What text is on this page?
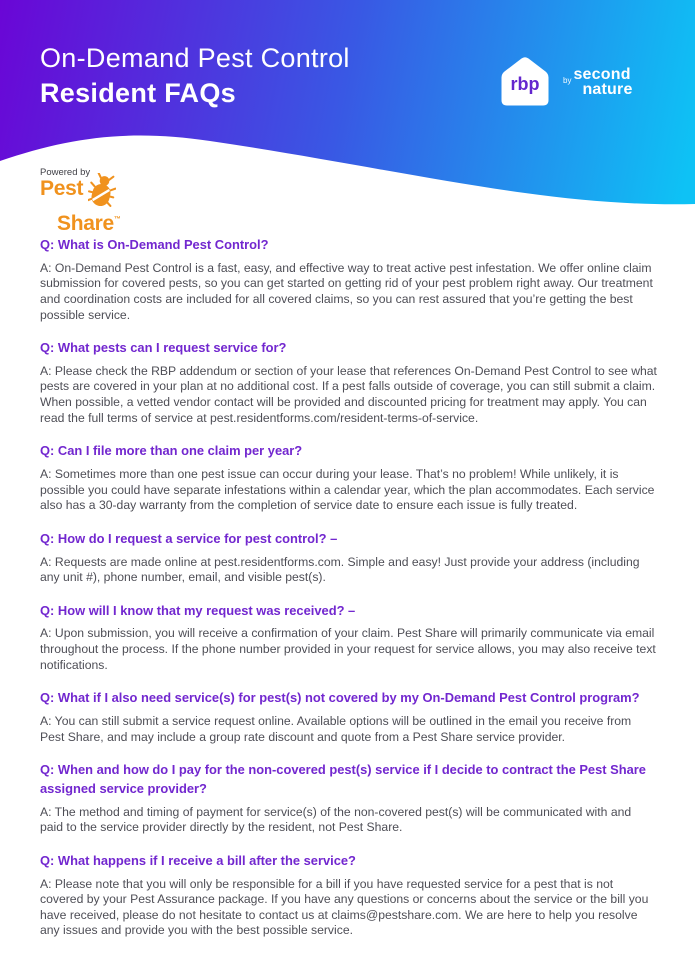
On-Demand Pest Control
Resident FAQs	rbp	by second
nature
Powered by
Pest
Share ™
Q: What is On-Demand Pest Control?
A: On-Demand Pest Control is a fast, easy, and effective way to treat active pest infestation. We offer online claim submission for covered pests, so you can get started on getting rid of your pest problem right away. Our treatment and coordination costs are included for all covered claims, so you can rest assured that you’re getting the best possible service.
Q: What pests can I request service for?
A: Please check the RBP addendum or section of your lease that references On-Demand Pest Control to see what pests are covered in your plan at no additional cost. If a pest falls outside of coverage, you can still submit a claim. When possible, a vetted vendor contact will be provided and discounted pricing for treatment may apply. You can read the full terms of service at pest.residentforms.com/resident-terms-of-service.
Q: Can I file more than one claim per year?
A: Sometimes more than one pest issue can occur during your lease. That’s no problem! While unlikely, it is possible you could have separate infestations within a calendar year, which the plan accommodates. Each service also has a 30-day warranty from the completion of service date to ensure each issue is fully treated.
Q: How do I request a service for pest control? –
A: Requests are made online at pest.residentforms.com. Simple and easy! Just provide your address (including any unit #), phone number, email, and visible pest(s).
Q: How will I know that my request was received? –
A: Upon submission, you will receive a confirmation of your claim. Pest Share will primarily communicate via email throughout the process. If the phone number provided in your request for service allows, you may also receive text notifications.
Q: What if I also need service(s) for pest(s) not covered by my On-Demand Pest Control program?
A: You can still submit a service request online. Available options will be outlined in the email you receive from Pest Share, and may include a group rate discount and quote from a Pest Share service provider.
Q: When and how do I pay for the non-covered pest(s) service if I decide to contract the Pest Share assigned service provider?
A: The method and timing of payment for service(s) of the non-covered pest(s) will be communicated with and paid to the service provider directly by the resident, not Pest Share.
Q: What happens if I receive a bill after the service?
A: Please note that you will only be responsible for a bill if you have requested service for a pest that is not covered by your Pest Assurance package. If you have any questions or concerns about the service or the bill you have received, please do not hesitate to contact us at claims@pestshare.com. We are here to help you resolve any issues and provide you with the best possible service.
